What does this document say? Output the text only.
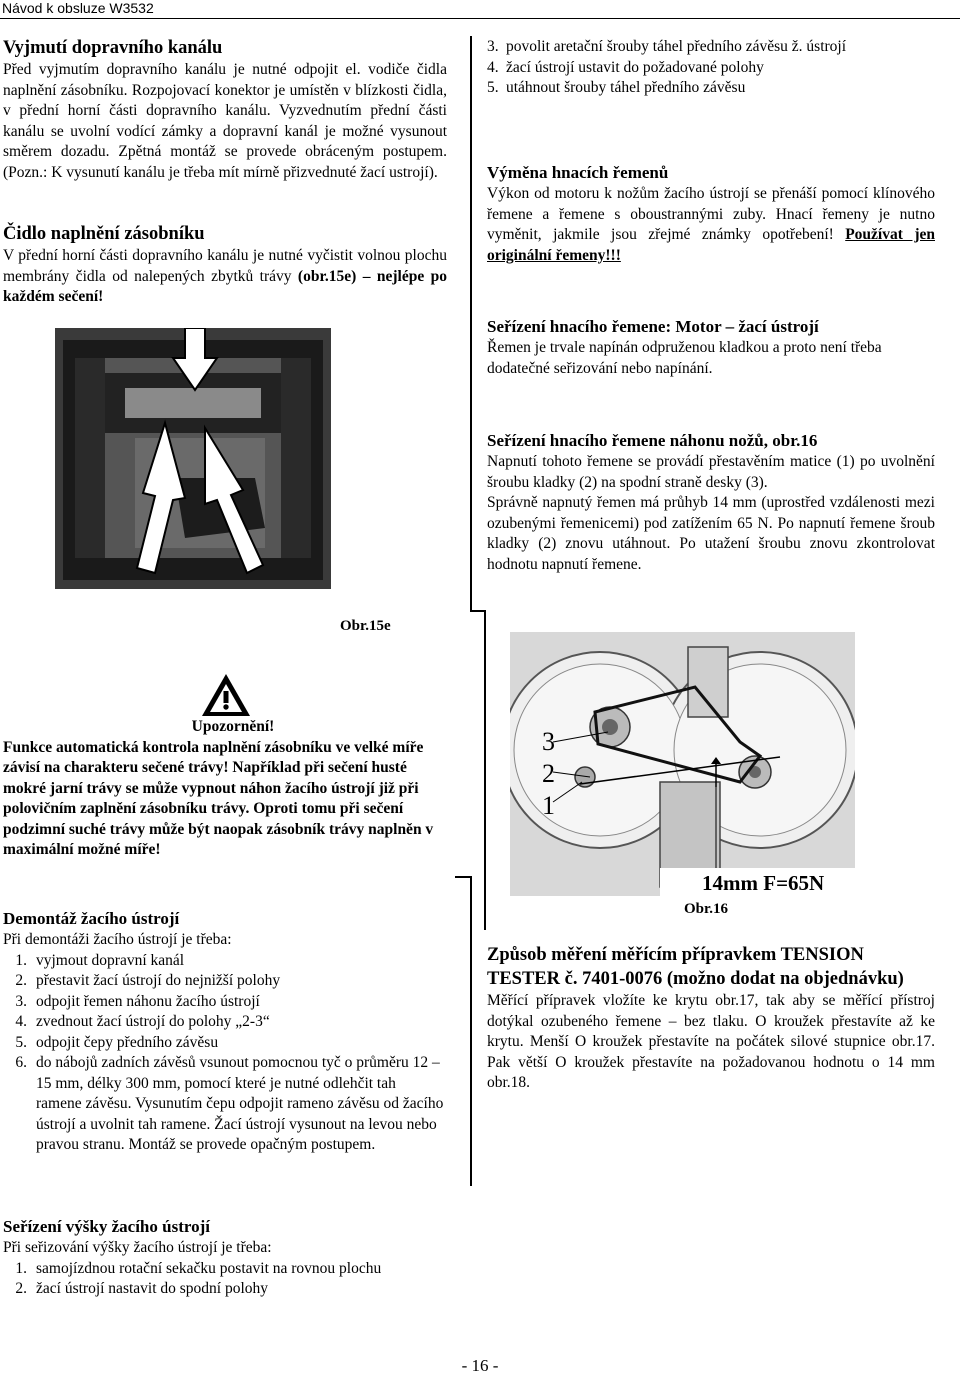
Návod k obsluze W3532
Vyjmutí dopravního kanálu

Před vyjmutím dopravního kanálu je nutné odpojit el. vodiče čidla naplnění zásobníku. Rozpojovací konektor je umístěn v blízkosti čidla, v přední horní části dopravního kanálu. Vyzvednutím přední části kanálu se uvolní vodící zámky a dopravní kanál je možné vysunout směrem dozadu. Zpětná montáž se provede obráceným postupem. (Pozn.: K vysunutí kanálu je třeba mít mírně přizvednuté žací ustrojí).

Čidlo naplnění zásobníku

V přední horní části dopravního kanálu je nutné vyčistit volnou plochu membrány čidla od nalepených zbytků trávy (obr.15e) – nejlépe po každém sečení!

Obr.15e

Upozornění!

Funkce automatická kontrola naplnění zásobníku ve velké míře závisí na charakteru sečené trávy! Například při sečení husté mokré jarní trávy se může vypnout náhon žacího ústrojí již při polovičním zaplnění zásobníku trávy. Oproti tomu při sečení podzimní suché trávy může být naopak zásobník trávy naplněn v maximální možné míře!

Demontáž žacího ústrojí

Při demontáži žacího ústrojí je třeba:

1. vyjmout dopravní kanál
2. přestavit žací ústrojí do nejnižší polohy
3. odpojit řemen náhonu žacího ústrojí
4. zvednout žací ústrojí do polohy „2-3“
5. odpojit čepy předního závěsu
6. do nábojů zadních závěsů vsunout pomocnou tyč o průměru 12 – 15 mm, délky 300 mm, pomocí které je nutné odlehčit tah ramene závěsu. Vysunutím čepu odpojit rameno závěsu od žacího ústrojí a uvolnit tah ramene. Žací ústrojí vysunout na levou nebo pravou stranu. Montáž se provede opačným postupem.
Seřízení výšky žacího ústrojí

Při seřizování výšky žacího ústrojí je třeba:

1. samojízdnou rotační sekačku postavit na rovnou plochu
2. žací ústrojí nastavit do spodní polohy
3. povolit aretační šrouby táhel předního závěsu ž. ústrojí
4. žací ústrojí ustavit do požadované polohy
5. utáhnout šrouby táhel předního závěsu
Výměna hnacích řemenů

Výkon od motoru k nožům žacího ústrojí se přenáší pomocí klínového řemene a řemene s oboustrannými zuby. Hnací řemeny je nutno vyměnit, jakmile jsou zřejmé známky opotřebení! Používat jen originální řemeny!!!

Seřízení hnacího řemene: Motor – žací ústrojí

Řemen je trvale napínán odpruženou kladkou a proto není třeba dodatečné seřizování nebo napínání.

Seřízení hnacího řemene náhonu nožů, obr.16

Napnutí tohoto řemene se provádí přestavěním matice (1) po uvolnění šroubu kladky (2) na spodní straně desky (3).

Správně napnutý řemen má průhyb 14 mm (uprostřed vzdálenosti mezi ozubenými řemenicemi) pod zatížením 65 N. Po napnutí řemene šroub kladky (2) znovu utáhnout. Po utažení šroubu znovu zkontrolovat hodnotu napnutí řemene.

3
2
1
14mm F=65N
Obr.16
Způsob měření měřícím přípravkem TENSION TESTER č. 7401-0076 (možno dodat na objednávku)

Měřící přípravek vložíte ke krytu obr.17, tak aby se měřící přístroj dotýkal ozubeného řemene – bez tlaku. O kroužek přestavíte až ke krytu. Menší O kroužek přestavíte na počátek silové stupnice obr.17. Pak větší O kroužek přestavíte na požadovanou hodnotu o 14 mm obr.18.

- 16 -
